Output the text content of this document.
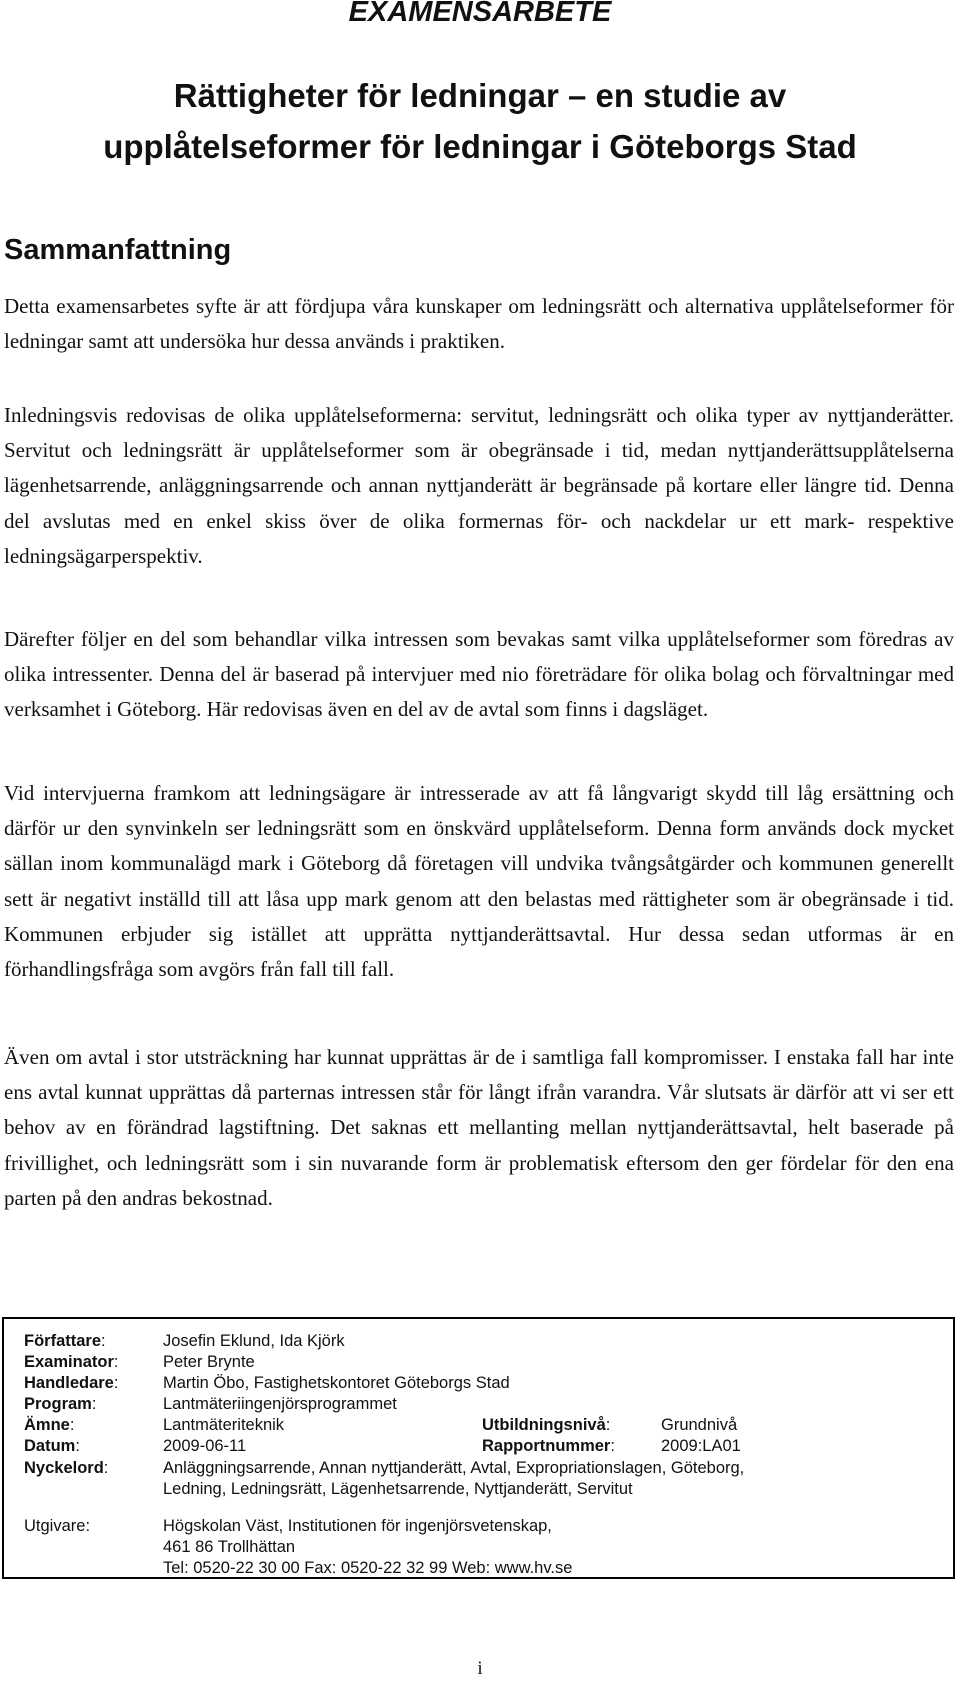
EXAMENSARBETE
Rättigheter för ledningar – en studie av
upplåtelseformer för ledningar i Göteborgs Stad
Sammanfattning

Detta examensarbetes syfte är att fördjupa våra kunskaper om ledningsrätt och alternativa upplåtelseformer för ledningar samt att undersöka hur dessa används i praktiken.

Inledningsvis redovisas de olika upplåtelseformerna: servitut, ledningsrätt och olika typer av nyttjanderätter. Servitut och ledningsrätt är upplåtelseformer som är obegränsade i tid, medan nyttjanderättsupplåtelserna lägenhetsarrende, anläggningsarrende och annan nyttjanderätt är begränsade på kortare eller längre tid. Denna del avslutas med en enkel skiss över de olika formernas för- och nackdelar ur ett mark- respektive ledningsägarperspektiv.

Därefter följer en del som behandlar vilka intressen som bevakas samt vilka upplåtelseformer som föredras av olika intressenter. Denna del är baserad på intervjuer med nio företrädare för olika bolag och förvaltningar med verksamhet i Göteborg. Här redovisas även en del av de avtal som finns i dagsläget.

Vid intervjuerna framkom att ledningsägare är intresserade av att få långvarigt skydd till låg ersättning och därför ur den synvinkeln ser ledningsrätt som en önskvärd upplåtelseform. Denna form används dock mycket sällan inom kommunalägd mark i Göteborg då företagen vill undvika tvångsåtgärder och kommunen generellt sett är negativt inställd till att låsa upp mark genom att den belastas med rättigheter som är obegränsade i tid. Kommunen erbjuder sig istället att upprätta nyttjanderättsavtal. Hur dessa sedan utformas är en förhandlingsfråga som avgörs från fall till fall.

Även om avtal i stor utsträckning har kunnat upprättas är de i samtliga fall kompromisser. I enstaka fall har inte ens avtal kunnat upprättas då parternas intressen står för långt ifrån varandra. Vår slutsats är därför att vi ser ett behov av en förändrad lagstiftning. Det saknas ett mellanting mellan nyttjanderättsavtal, helt baserade på frivillighet, och ledningsrätt som i sin nuvarande form är problematisk eftersom den ger fördelar för den ena parten på den andras bekostnad.

Författare:	Josefin Eklund, Ida Kjörk
Examinator:	Peter Brynte
Handledare:	Martin Öbo, Fastighetskontoret Göteborgs Stad
Program:	Lantmäteriingenjörsprogrammet
Ämne:	Lantmäteriteknik	Utbildningsnivå:	Grundnivå
Datum:	2009-06-11	Rapportnummer:	2009:LA01
Nyckelord:	Anläggningsarrende, Annan nyttjanderätt, Avtal, Expropriationslagen, Göteborg,
Ledning, Ledningsrätt, Lägenhetsarrende, Nyttjanderätt, Servitut
Utgivare:	Högskolan Väst, Institutionen för ingenjörsvetenskap,
461 86 Trollhättan
Tel: 0520-22 30 00 Fax: 0520-22 32 99 Web: www.hv.se
i
